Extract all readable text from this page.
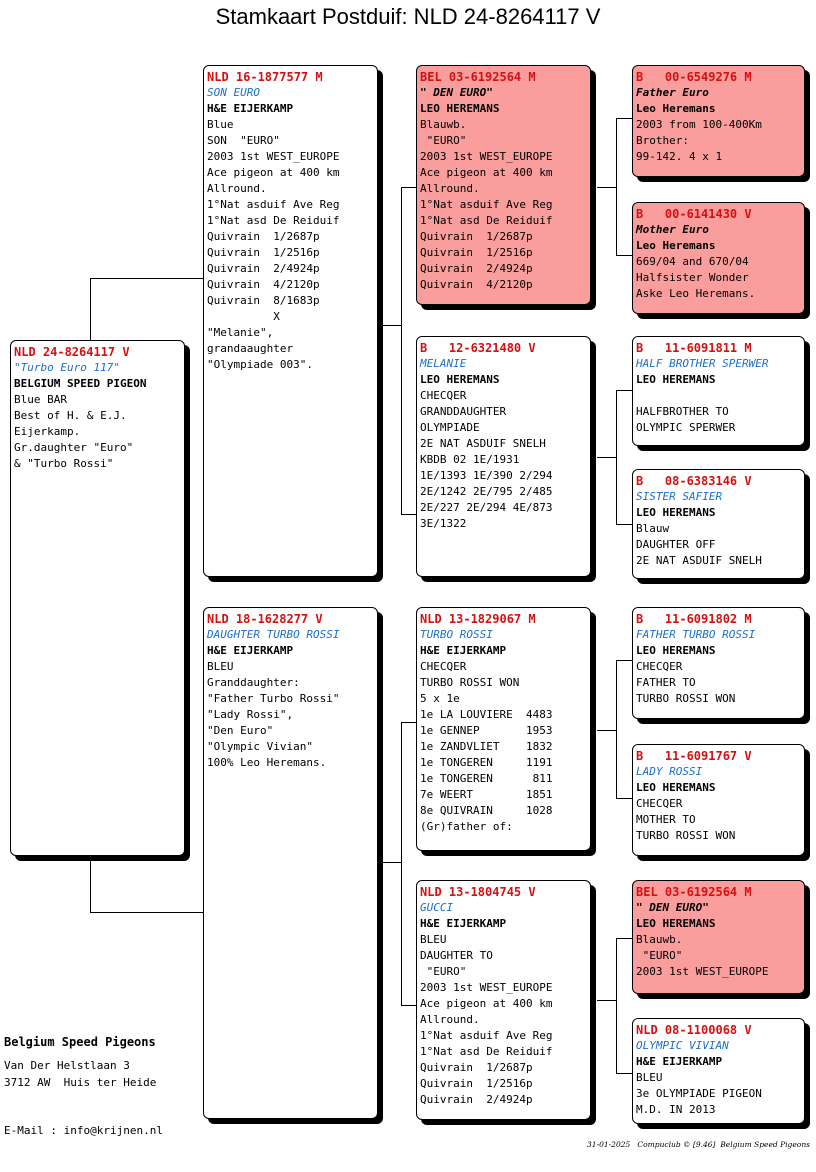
Stamkaart Postduif: NLD 24-8264117 V
NLD 24-8264117 V
"Turbo Euro 117"
BELGIUM SPEED PIGEON
Blue BAR
Best of H. & E.J.
Eijerkamp.
Gr.daughter "Euro"
& "Turbo Rossi"
NLD 16-1877577 M
SON EURO
H&E EIJERKAMP
Blue
SON  "EURO"
2003 1st WEST_EUROPE
Ace pigeon at 400 km
Allround.
1°Nat asduif Ave Reg
1°Nat asd De Reiduif
Quivrain  1/2687p
Quivrain  1/2516p
Quivrain  2/4924p
Quivrain  4/2120p
Quivrain  8/1683p
X
"Melanie",
grandaaughter
"Olympiade 003".
NLD 18-1628277 V
DAUGHTER TURBO ROSSI
H&E EIJERKAMP
BLEU
Granddaughter:
"Father Turbo Rossi"
"Lady Rossi",
"Den Euro"
"Olympic Vivian"
100% Leo Heremans.
BEL 03-6192564 M
" DEN EURO"
LEO HEREMANS
Blauwb.
"EURO"
2003 1st WEST_EUROPE
Ace pigeon at 400 km
Allround.
1°Nat asduif Ave Reg
1°Nat asd De Reiduif
Quivrain  1/2687p
Quivrain  1/2516p
Quivrain  2/4924p
Quivrain  4/2120p
B   12-6321480 V
MELANIE
LEO HEREMANS
CHECQER
GRANDDAUGHTER
OLYMPIADE
2E NAT ASDUIF SNELH
KBDB 02 1E/1931
1E/1393 1E/390 2/294
2E/1242 2E/795 2/485
2E/227 2E/294 4E/873
3E/1322
NLD 13-1829067 M
TURBO ROSSI
H&E EIJERKAMP
CHECQER
TURBO ROSSI WON
5 x 1e
1e LA LOUVIERE  4483
1e GENNEP       1953
1e ZANDVLIET    1832
1e TONGEREN     1191
1e TONGEREN      811
7e WEERT        1851
8e QUIVRAIN     1028
(Gr)father of:
NLD 13-1804745 V
GUCCI
H&E EIJERKAMP
BLEU
DAUGHTER TO
"EURO"
2003 1st WEST_EUROPE
Ace pigeon at 400 km
Allround.
1°Nat asduif Ave Reg
1°Nat asd De Reiduif
Quivrain  1/2687p
Quivrain  1/2516p
Quivrain  2/4924p
B   00-6549276 M
Father Euro
Leo Heremans
2003 from 100-400Km
Brother:
99-142. 4 x 1
B   00-6141430 V
Mother Euro
Leo Heremans
669/04 and 670/04
Halfsister Wonder
Aske Leo Heremans.
B   11-6091811 M
HALF BROTHER SPERWER
LEO HEREMANS
HALFBROTHER TO
OLYMPIC SPERWER
B   08-6383146 V
SISTER SAFIER
LEO HEREMANS
Blauw
DAUGHTER OFF
2E NAT ASDUIF SNELH
B   11-6091802 M
FATHER TURBO ROSSI
LEO HEREMANS
CHECQER
FATHER TO
TURBO ROSSI WON
B   11-6091767 V
LADY ROSSI
LEO HEREMANS
CHECQER
MOTHER TO
TURBO ROSSI WON
BEL 03-6192564 M
" DEN EURO"
LEO HEREMANS
Blauwb.
"EURO"
2003 1st WEST_EUROPE
NLD 08-1100068 V
OLYMPIC VIVIAN
H&E EIJERKAMP
BLEU
3e OLYMPIADE PIGEON
M.D. IN 2013
Belgium Speed Pigeons
Van Der Helstlaan 3
3712 AW  Huis ter Heide
E-Mail : info@krijnen.nl
31-01-2025   Compuclub © [9.46]  Belgium Speed Pigeons
